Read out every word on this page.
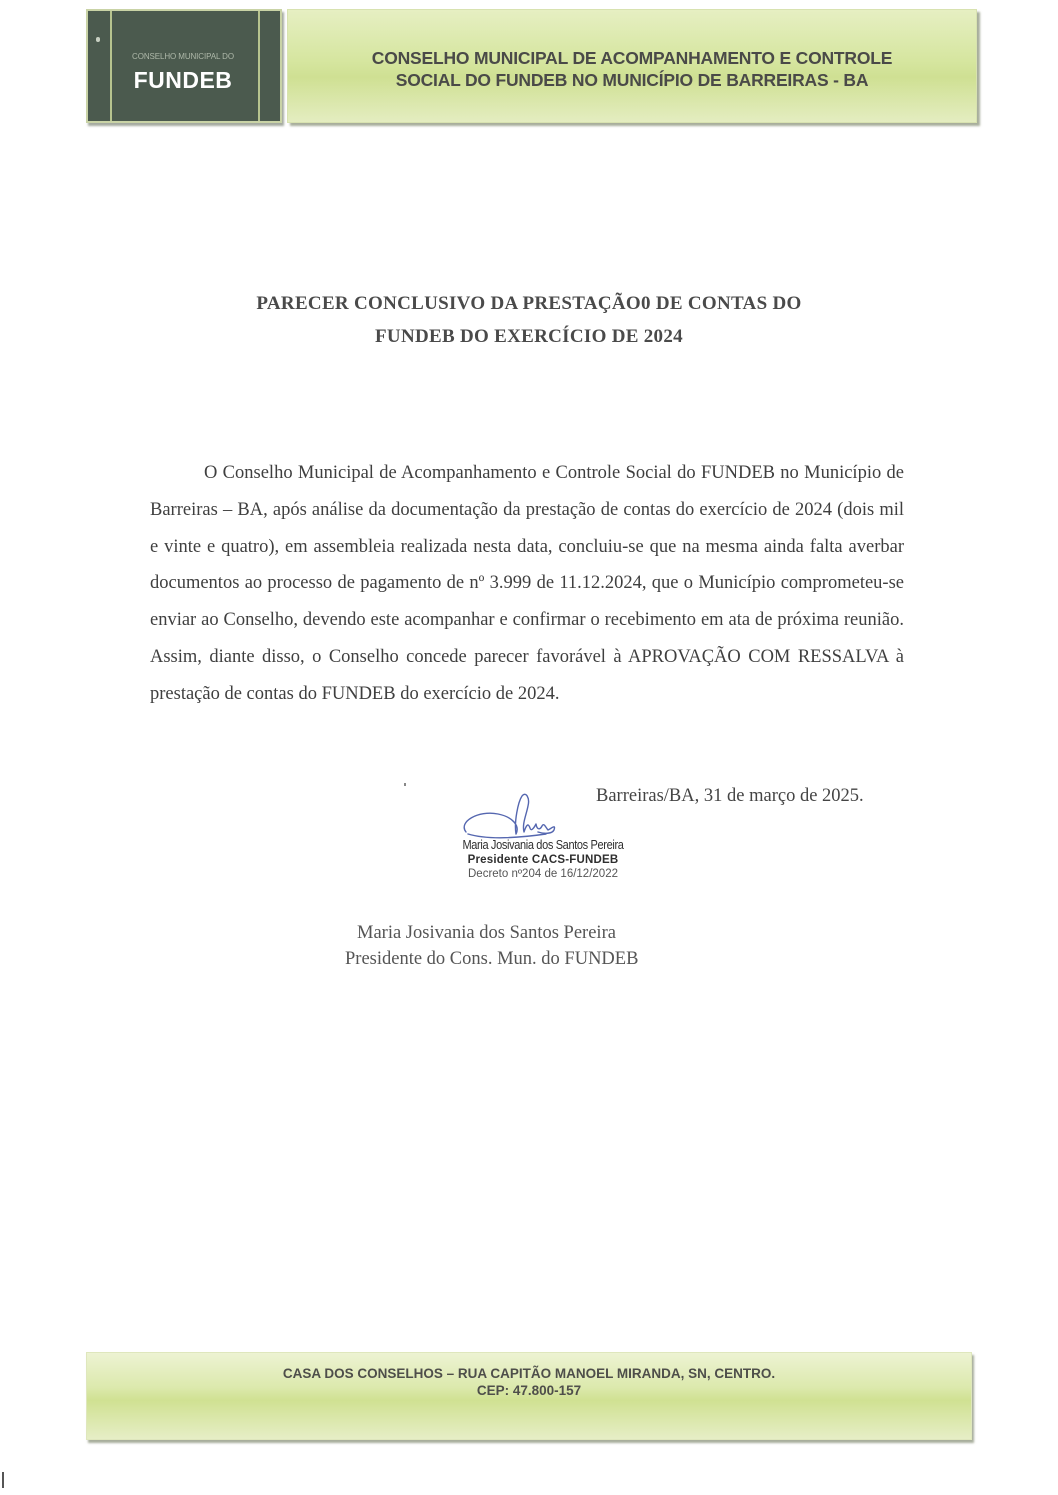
CONSELHO MUNICIPAL DO
FUNDEB
CONSELHO MUNICIPAL DE ACOMPANHAMENTO E CONTROLE
SOCIAL DO FUNDEB NO MUNICÍPIO DE BARREIRAS - BA
PARECER CONCLUSIVO DA PRESTAÇÃO0 DE CONTAS DO
FUNDEB DO EXERCÍCIO DE 2024

O Conselho Municipal de Acompanhamento e Controle Social do FUNDEB no Município de Barreiras – BA, após análise da documentação da prestação de contas do exercício de 2024 (dois mil e vinte e quatro), em assembleia realizada nesta data, concluiu-se que na mesma ainda falta averbar documentos ao processo de pagamento de nº 3.999 de 11.12.2024, que o Município comprometeu-se enviar ao Conselho, devendo este acompanhar e confirmar o recebimento em ata de próxima reunião. Assim, diante disso, o Conselho concede parecer favorável à APROVAÇÃO COM RESSALVA à prestação de contas do FUNDEB do exercício de 2024.

Barreiras/BA, 31 de março de 2025.
Maria Josivania dos Santos Pereira
Presidente CACS-FUNDEB
Decreto nº204 de 16/12/2022
Maria Josivania dos Santos Pereira
Presidente do Cons. Mun. do FUNDEB
CASA DOS CONSELHOS – RUA CAPITÃO MANOEL MIRANDA, SN, CENTRO.
CEP: 47.800-157
